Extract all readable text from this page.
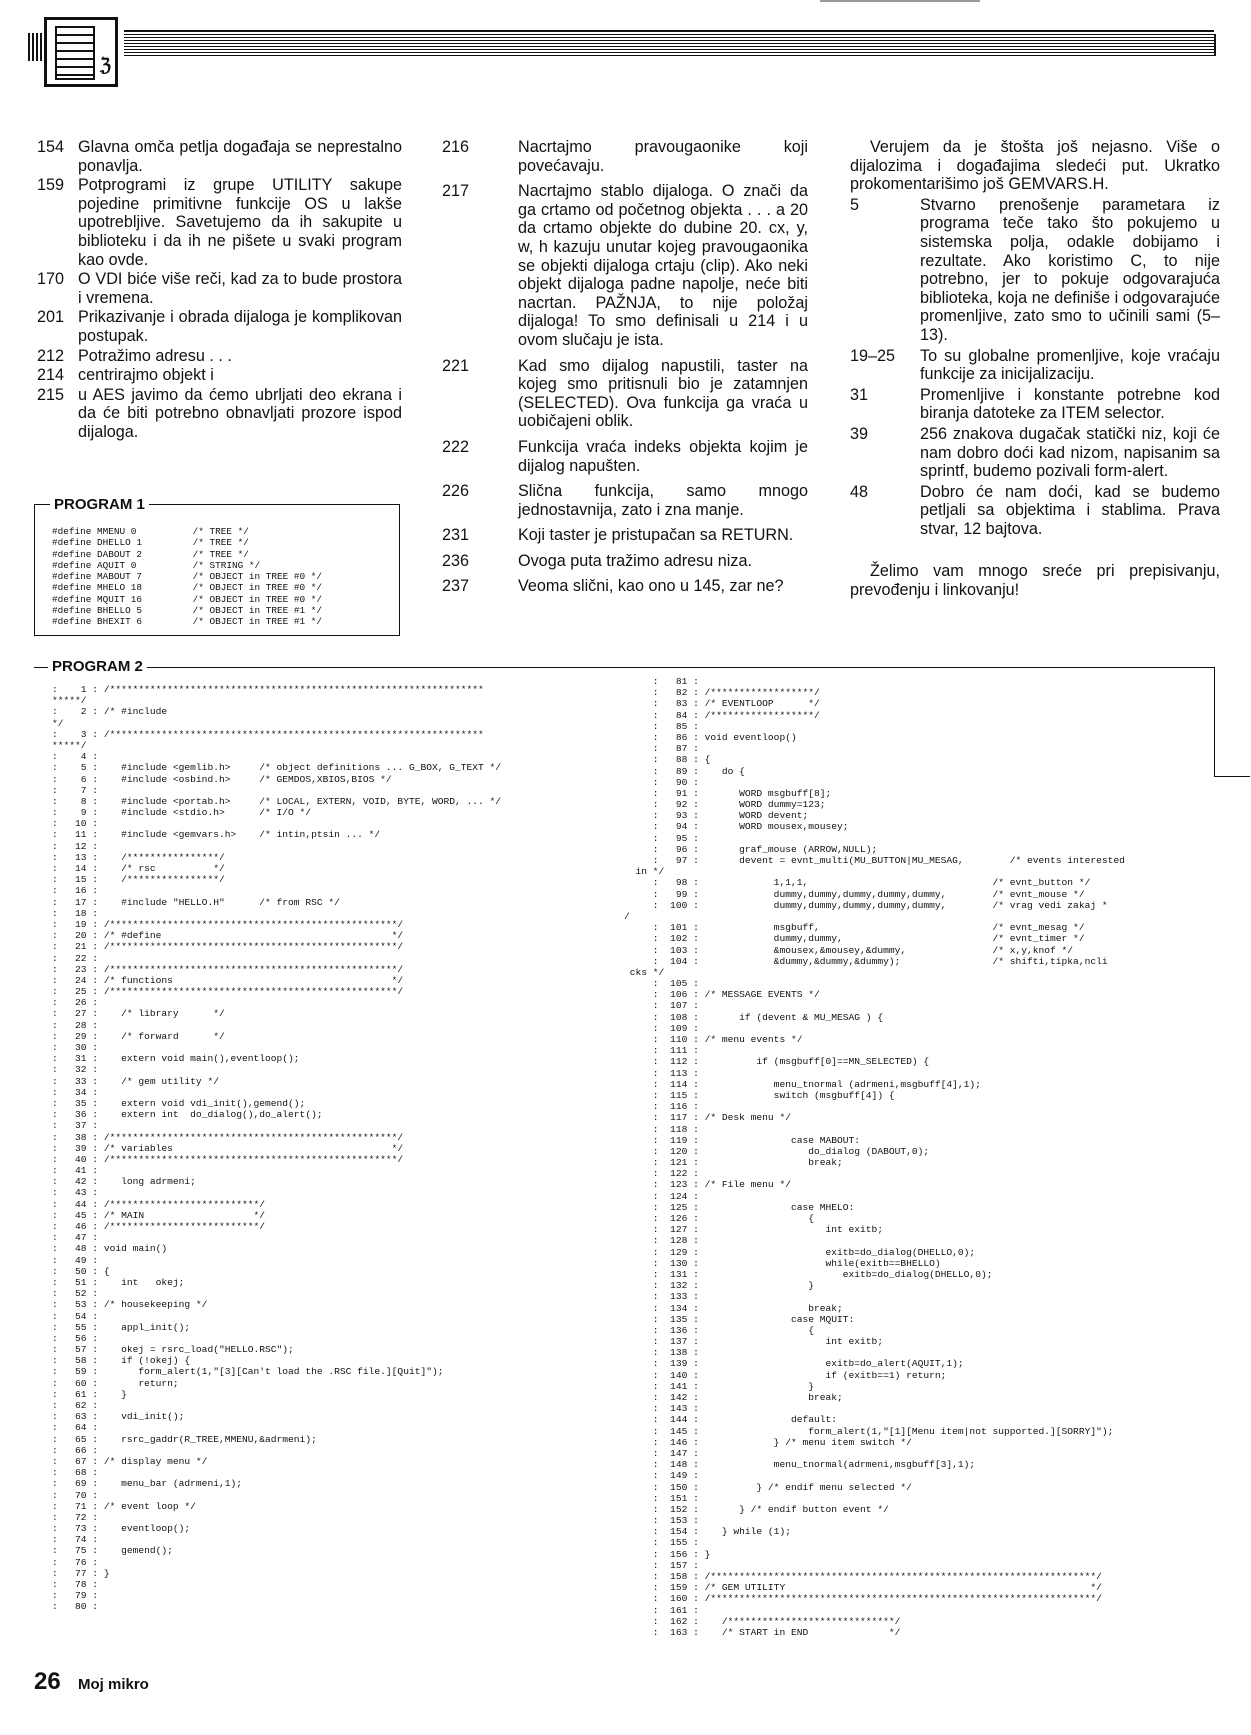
ℨ
154 Glavna omča petlja događaja se neprestalno ponavlja.
159 Potprogrami iz grupe UTILITY sakupe pojedine primitivne funkcije OS u lakše upotrebljive. Savetujemo da ih sakupite u biblioteku i da ih ne pišete u svaki program kao ovde.
170 O VDI biće više reči, kad za to bude prostora i vremena.
201 Prikazivanje i obrada dijaloga je komplikovan postupak.
212 Potražimo adresu . . .
214 centrirajmo objekt i
215 u AES javimo da ćemo ubrljati deo ekrana i da će biti potrebno obnavljati prozore ispod dijaloga.
216	Nacrtajmo pravougaonike koji povećavaju.
217	Nacrtajmo stablo dijaloga. O znači da ga crtamo od početnog objekta . . . a 20 da crtamo objekte do dubine 20. cx, y, w, h kazuju unutar kojeg pravougaonika se objekti dijaloga crtaju (clip). Ako neki objekt dijaloga padne napolje, neće biti nacrtan. PAŽNJA, to nije položaj dijaloga! To smo definisali u 214 i u ovom slučaju je ista.
221	Kad smo dijalog napustili, taster na kojeg smo pritisnuli bio je zatamnjen (SELECTED). Ova funkcija ga vraća u uobičajeni oblik.
222	Funkcija vraća indeks objekta kojim je dijalog napušten.
226	Slična funkcija, samo mnogo jednostavnija, zato i zna manje.
231	Koji taster je pristupačan sa RETURN.
236	Ovoga puta tražimo adresu niza.
237	Veoma slični, kao ono u 145, zar ne?

Verujem da je štošta još nejasno. Više o dijalozima i događajima sledeći put. Ukratko prokomentarišimo još GEMVARS.H.

5	Stvarno prenošenje parametara iz programa teče tako što pokujemo u sistemska polja, odakle dobijamo i rezultate. Ako koristimo C, to nije potrebno, jer to pokuje odgovarajuća biblioteka, koja ne definiše i odgovarajuće promenljive, zato smo to učinili sami (5–13).
19–25	To su globalne promenljive, koje vraćaju funkcije za inicijalizaciju.
31	Promenljive i konstante potrebne kod biranja datoteke za ITEM selector.
39	256 znakova dugačak statički niz, koji će nam dobro doći kad nizom, napisanim sa sprintf, budemo pozivali form-alert.
48	Dobro će nam doći, kad se budemo petljali sa objektima i stablima. Prava stvar, 12 bajtova.

Želimo vam mnogo sreće pri prepisivanju, prevođenju i linkovanju!

PROGRAM 1
#define MMENU 0          /* TREE */
#define DHELLO 1         /* TREE */
#define DABOUT 2         /* TREE */
#define AQUIT 0          /* STRING */
#define MABOUT 7         /* OBJECT in TREE #0 */
#define MHELO 18         /* OBJECT in TREE #0 */
#define MQUIT 16         /* OBJECT in TREE #0 */
#define BHELLO 5         /* OBJECT in TREE #1 */
#define BHEXIT 6         /* OBJECT in TREE #1 */
PROGRAM 2
:    1 : /*****************************************************************
*****/
:    2 : /* #include
*/
:    3 : /*****************************************************************
*****/
:    4 :
:    5 :    #include <gemlib.h>     /* object definitions ... G_BOX, G_TEXT */
:    6 :    #include <osbind.h>     /* GEMDOS,XBIOS,BIOS */
:    7 :
:    8 :    #include <portab.h>     /* LOCAL, EXTERN, VOID, BYTE, WORD, ... */
:    9 :    #include <stdio.h>      /* I/O */
:   10 :
:   11 :    #include <gemvars.h>    /* intin,ptsin ... */
:   12 :
:   13 :    /****************/
:   14 :    /* rsc          */
:   15 :    /****************/
:   16 :
:   17 :    #include "HELLO.H"      /* from RSC */
:   18 :
:   19 : /**************************************************/
:   20 : /* #define                                        */
:   21 : /**************************************************/
:   22 :
:   23 : /**************************************************/
:   24 : /* functions                                      */
:   25 : /**************************************************/
:   26 :
:   27 :    /* library      */
:   28 :
:   29 :    /* forward      */
:   30 :
:   31 :    extern void main(),eventloop();
:   32 :
:   33 :    /* gem utility */
:   34 :
:   35 :    extern void vdi_init(),gemend();
:   36 :    extern int  do_dialog(),do_alert();
:   37 :
:   38 : /**************************************************/
:   39 : /* variables                                      */
:   40 : /**************************************************/
:   41 :
:   42 :    long adrmeni;
:   43 :
:   44 : /**************************/
:   45 : /* MAIN                   */
:   46 : /**************************/
:   47 :
:   48 : void main()
:   49 :
:   50 : {
:   51 :    int   okej;
:   52 :
:   53 : /* housekeeping */
:   54 :
:   55 :    appl_init();
:   56 :
:   57 :    okej = rsrc_load("HELLO.RSC");
:   58 :    if (!okej) {
:   59 :       form_alert(1,"[3][Can't load the .RSC file.][Quit]");
:   60 :       return;
:   61 :    }
:   62 :
:   63 :    vdi_init();
:   64 :
:   65 :    rsrc_gaddr(R_TREE,MMENU,&adrmeni);
:   66 :
:   67 : /* display menu */
:   68 :
:   69 :    menu_bar (adrmeni,1);
:   70 :
:   71 : /* event loop */
:   72 :
:   73 :    eventloop();
:   74 :
:   75 :    gemend();
:   76 :
:   77 : }
:   78 :
:   79 :
:   80 :
:   81 :
:   82 : /******************/
:   83 : /* EVENTLOOP      */
:   84 : /******************/
:   85 :
:   86 : void eventloop()
:   87 :
:   88 : {
:   89 :    do {
:   90 :
:   91 :       WORD msgbuff[8];
:   92 :       WORD dummy=123;
:   93 :       WORD devent;
:   94 :       WORD mousex,mousey;
:   95 :
:   96 :       graf_mouse (ARROW,NULL);
:   97 :       devent = evnt_multi(MU_BUTTON|MU_MESAG,        /* events interested
in */
:   98 :             1,1,1,                                /* evnt_button */
:   99 :             dummy,dummy,dummy,dummy,dummy,        /* evnt_mouse */
:  100 :             dummy,dummy,dummy,dummy,dummy,        /* vrag vedi zakaj *
/
:  101 :             msgbuff,                              /* evnt_mesag */
:  102 :             dummy,dummy,                          /* evnt_timer */
:  103 :             &mousex,&mousey,&dummy,               /* x,y,knof */
:  104 :             &dummy,&dummy,&dummy);                /* shifti,tipka,ncli
cks */
:  105 :
:  106 : /* MESSAGE EVENTS */
:  107 :
:  108 :       if (devent & MU_MESAG ) {
:  109 :
:  110 : /* menu events */
:  111 :
:  112 :          if (msgbuff[0]==MN_SELECTED) {
:  113 :
:  114 :             menu_tnormal (adrmeni,msgbuff[4],1);
:  115 :             switch (msgbuff[4]) {
:  116 :
:  117 : /* Desk menu */
:  118 :
:  119 :                case MABOUT:
:  120 :                   do_dialog (DABOUT,0);
:  121 :                   break;
:  122 :
:  123 : /* File menu */
:  124 :
:  125 :                case MHELO:
:  126 :                   {
:  127 :                      int exitb;
:  128 :
:  129 :                      exitb=do_dialog(DHELLO,0);
:  130 :                      while(exitb==BHELLO)
:  131 :                         exitb=do_dialog(DHELLO,0);
:  132 :                   }
:  133 :
:  134 :                   break;
:  135 :                case MQUIT:
:  136 :                   {
:  137 :                      int exitb;
:  138 :
:  139 :                      exitb=do_alert(AQUIT,1);
:  140 :                      if (exitb==1) return;
:  141 :                   }
:  142 :                   break;
:  143 :
:  144 :                default:
:  145 :                   form_alert(1,"[1][Menu item|not supported.][SORRY]");
:  146 :             } /* menu item switch */
:  147 :
:  148 :             menu_tnormal(adrmeni,msgbuff[3],1);
:  149 :
:  150 :          } /* endif menu selected */
:  151 :
:  152 :       } /* endif button event */
:  153 :
:  154 :    } while (1);
:  155 :
:  156 : }
:  157 :
:  158 : /*******************************************************************/
:  159 : /* GEM UTILITY                                                     */
:  160 : /*******************************************************************/
:  161 :
:  162 :    /*****************************/
:  163 :    /* START in END              */
26 Moj mikro
